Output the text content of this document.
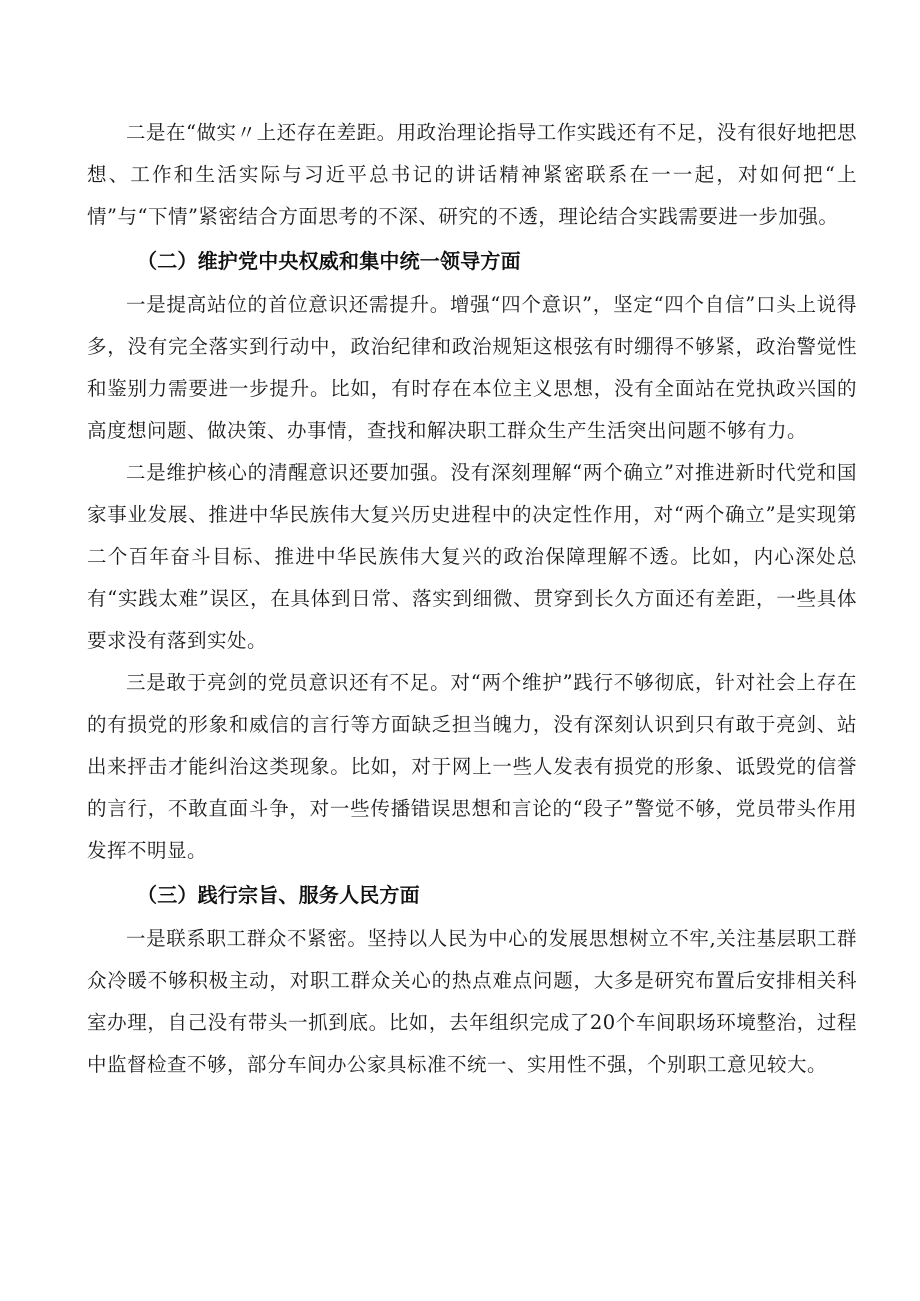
二是在“做实〃上还存在差距。用政治理论指导工作实践还有不足，没有很好地把思想、工作和生活实际与习近平总书记的讲话精神紧密联系在一一起，对如何把“上情”与“下情”紧密结合方面思考的不深、研究的不透，理论结合实践需要进一步加强。

（二）维护党中央权威和集中统一领导方面

一是提高站位的首位意识还需提升。增强“四个意识”，坚定“四个自信”口头上说得多，没有完全落实到行动中，政治纪律和政治规矩这根弦有时绷得不够紧，政治警觉性和鉴别力需要进一步提升。比如，有时存在本位主义思想，没有全面站在党执政兴国的高度想问题、做决策、办事情，查找和解决职工群众生产生活突出问题不够有力。

二是维护核心的清醒意识还要加强。没有深刻理解“两个确立”对推进新时代党和国家事业发展、推进中华民族伟大复兴历史进程中的决定性作用，对“两个确立”是实现第二个百年奋斗目标、推进中华民族伟大复兴的政治保障理解不透。比如，内心深处总有“实践太难”误区，在具体到日常、落实到细微、贯穿到长久方面还有差距，一些具体要求没有落到实处。

三是敢于亮剑的党员意识还有不足。对“两个维护”践行不够彻底，针对社会上存在的有损党的形象和威信的言行等方面缺乏担当魄力，没有深刻认识到只有敢于亮剑、站出来抨击才能纠治这类现象。比如，对于网上一些人发表有损党的形象、诋毁党的信誉的言行，不敢直面斗争，对一些传播错误思想和言论的“段子”警觉不够，党员带头作用发挥不明显。

（三）践行宗旨、服务人民方面

一是联系职工群众不紧密。坚持以人民为中心的发展思想树立不牢,关注基层职工群众冷暖不够积极主动，对职工群众关心的热点难点问题，大多是研究布置后安排相关科室办理，自己没有带头一抓到底。比如，去年组织完成了20个车间职场环境整治，过程中监督检查不够，部分车间办公家具标准不统一、实用性不强，个别职工意见较大。
